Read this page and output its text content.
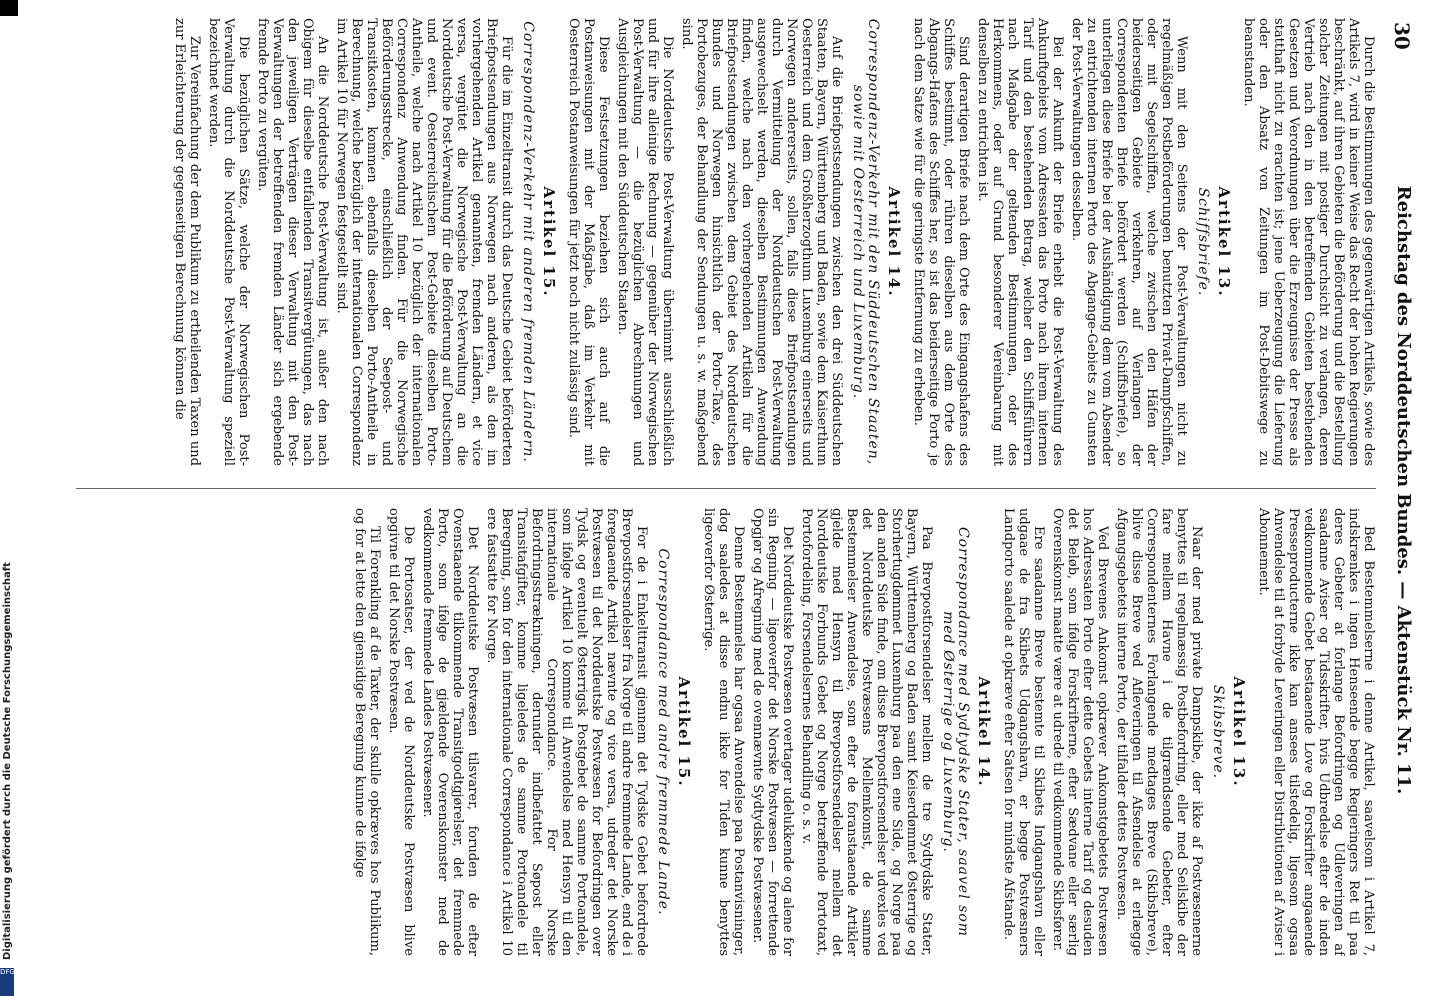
30
Reichstag des Norddeutschen Bundes. — Aktenstück Nr. 11.

Durch die Bestimmungen des gegenwärtigen Artikels, sowie des Artikels 7, wird in keiner Weise das Recht der hohen Regierungen beschränkt, auf ihren Gebieten die Beförderung und die Bestellung solcher Zeitungen mit postiger Durchsicht zu verlangen, deren Vertrieb nach den in den betreffenden Gebieten bestehenden Gesetzen und Verordnungen über die Erzeugnisse der Presse als statthaft nicht zu erachten ist; jene Ueberzeugung die Lieferung oder den Absatz von Zeitungen im Post-Debitswege zu beanstanden.

Artikel 13.
Schiffsbriefe.

Wenn mit den Seitens der Post-Verwaltungen nicht zu regelmäßigen Postbeförderungen benutzten Privat-Dampfschiffen, oder mit Segelschiffen, welche zwischen den Häfen der beiderseitigen Gebiete verkehren, auf Verlangen der Correspondenten Briefe befördert werden (Schiffsbriefe), so unterliegen diese Briefe bei der Aushändigung dem vom Absender zu entrichtenden internen Porto des Abgange-Gebiets zu Gunsten der Post-Verwaltungen desselben.

Bei der Ankunft der Briefe erhebt die Post-Verwaltung des Ankunftgebiets vom Adressaten das Porto nach ihrem internen Tarif und den bestehenden Betrag, welcher den Schiffsführern nach Maßgabe der geltenden Bestimmungen, oder des Herkommens, oder auf Grund besonderer Vereinbarung mit denselben zu entrichten ist.

Sind derartigen Briefe nach dem Orte des Eingangshafens des Schiffes bestimmt, oder rühren dieselben aus dem Orte des Abgangs-Hafens des Schiffes her, so ist das beiderseitige Porto je nach dem Satze wie für die geringste Entfernung zu erheben.

Artikel 14.
Correspondenz-Verkehr mit den Süddeutschen Staaten, sowie mit Oesterreich und Luxemburg.

Auf die Briefpostsendungen zwischen den drei Süddeutschen Staaten, Bayern, Württemberg und Baden, sowie dem Kaiserthum Oesterreich und dem Großherzogthum Luxemburg einerseits und Norwegen andererseits, sollen, falls diese Briefpostsendungen durch Vermittelung der Norddeutschen Post-Verwaltung ausgewechselt werden, dieselben Bestimmungen Anwendung finden, welche nach den vorhergehenden Artikeln für die Briefpostsendungen zwischen dem Gebiet des Norddeutschen Bundes und Norwegen hinsichtlich der Porto-Taxe, des Portobezuges, der Behandlung der Sendungen u. s. w. maßgebend sind.

Die Norddeutsche Post-Verwaltung übernimmt ausschließlich und für ihre alleinige Rechnung — gegenüber der Norwegischen Post-Verwaltung — die bezüglichen Abrechnungen und Ausgleichungen mit den Süddeutschen Staaten.

Diese Festsetzungen beziehen sich auch auf die Postanweisungen mit der Maßgabe, daß im Verkehr mit Oesterreich Postanweisungen für jetzt noch nicht zulässig sind.

Artikel 15.
Correspondenz-Verkehr mit anderen fremden Ländern.

Für die im Einzeltransit durch das Deutsche Gebiet beförderten Briefpostsendungen aus Norwegen nach anderen, als den im vorhergehenden Artikel genannten, fremden Ländern, et vice versa, vergütet die Norwegische Post-Verwaltung an die Norddeutsche Post-Verwaltung für die Beförderung auf Deutschem und event. Oesterreichischem Post-Gebiete dieselben Porto-Antheile, welche nach Artikel 10 bezüglich der internationalen Correspondenz Anwendung finden. Für die Norwegische Beförderungsstrecke, einschließlich der Seepost- und Transitkosten, kommen ebenfalls dieselben Porto-Antheile in Berechnung, welche bezüglich der internationalen Correspondenz im Artikel 10 für Norwegen festgestellt sind.

An die Norddeutsche Post-Verwaltung ist, außer den nach Obigem für dieselbe entfallenden Transitvergütungen, das nach den jeweiligen Verträgen dieser Verwaltung mit den Post-Verwaltungen der betreffenden fremden Länder sich ergebende fremde Porto zu vergüten.

Die bezüglichen Sätze, welche der Norwegischen Post-Verwaltung durch die Norddeutsche Post-Verwaltung speziell bezeichnet werden.

Zur Vereinfachung der dem Publikum zu ertheilenden Taxen und zur Erleichterung der gegenseitigen Berechnung können die

Bed Bestemmelserne i denne Artikel, saavelsom i Artikel 7, indskrænkes i ingen Henseende begge Regjeringers Ret til paa deres Gebeter at forlange Befordringen og Udleveringen af saadanne Aviser og Tidsskrifter, hvis Udbredelse efter de inden vedkommende Gebet bestaaende Love og Forskrifter angaaende Presseproducterne ikke kan ansees tilstedelig, ligesom ogsaa Anvendelse til at forbyde Leveringen eller Distributionen af Aviser i Abonnement.

Artikel 13.
Skibsbreve.

Naar der med private Dampskibe, der ikke af Postvæsenerne benyttes til regelmæssig Postbefordring, eller med Seilskibe der fare mellem Havne i de tilgrændsende Gebeter, efter Correspondenternes Forlangende medtages Breve (Skibsbreve), blive disse Breve ved Afleveringen til Afsendelse at erlægge Afgangsgebetets interne Porto, der tilfalder dettes Postvæsen.

Ved Brevenes Ankomst opkræver Ankomstgebetets Postvæsen hos Adressaten Porto efter dette Gebets interne Tarif og desuden det Beløb, som ifølge Forskrifterne, efter Sædvane eller særlig Overenskomst maatte være at udrede til vedkommende Skibsfører.

Ere saadanne Breve bestemte til Skibets Indgangshavn eller udgaae de fra Skibets Udgangshavn, er begge Postvæsners Landporto saalede at opkræve efter Satsen for mindste Afstande.

Artikel 14.
Correspondance med Sydtydske Stater, saavel som med Østerrige og Luxemburg.

Paa Brevpostforsendelser mellem de tre Sydtydske Stater, Bayern, Württemberg og Baden samt Keiserdømmet Østerrige og Storhertugdømmet Luxemburg paa den ene Side, og Norge paa den anden Side finde, om disse Brevpostforsendelser udvexles ved det Norddeutske Postvæsens Mellemkomst, de samme Bestemmelser Anvendelse, som efter de foranstaaende Artikler gjelde med Hensyn til Brevpostforsendelser mellem det Norddeutske Forbunds Gebet og Norge betræffende Portotaxt, Portofordeling, Forsendelsernes Behandling o. s. v.

Det Norddeutske Postvæsen overtager udelukkende og alene for sin Regning — ligeoverfor det Norske Postvæsen — forrettende Opgjør og Afregning med de ovennævnte Sydtydske Postvæsener.

Denne Bestemmelse har ogsaa Anvendelse paa Postanvisninger, dog saaledes at disse endnu ikke for Tiden kunne benyttes ligeoverfor Østerrige.

Artikel 15.
Correspondance med andre fremmede Lande.

For de i Enkelttransit gjennem det Tydske Gebet befordrede Brevpostforsendelser fra Norge til andre fremmede Lande, end de i foregaaende Artikel nævnte og vice versa, udreder det Norske Postvæsen til det Norddeutske Postvæsen for Befordringen over Tydsk og eventuelt Østerrigsk Postgebet de samme Portoandele, som ifølge Artikel 10 komme til Anvendelse med Hensyn til den internationale Correspondance. For Norske Befordringsstrækningen, derunder indbefattet Søpost eller Transitafgifter, komme ligeledes de samme Portoandele til Beregning, som for den internationale Correspondance i Artikel 10 ere fastsatte for Norge.

Det Norddeutske Postvæsen tilsvarer, foruden de efter Ovenstaaende tilkommende Transitgodtgjørelser, det fremmede Porto, som ifølge de gjældende Overenskomster med de vedkommende fremmede Landes Postvæsener.

De Portosatser, der ved de Norddeutske Postvæsen blive opgivne til det Norske Postvæsen.

Til Forenkling af de Taxter, der skulle opkræves hos Publikum, og for at lette den gjensidige Beregning kunne de ifølge

Digitalisierung gefördert durch die Deutsche Forschungsgemeinschaft
DFG
